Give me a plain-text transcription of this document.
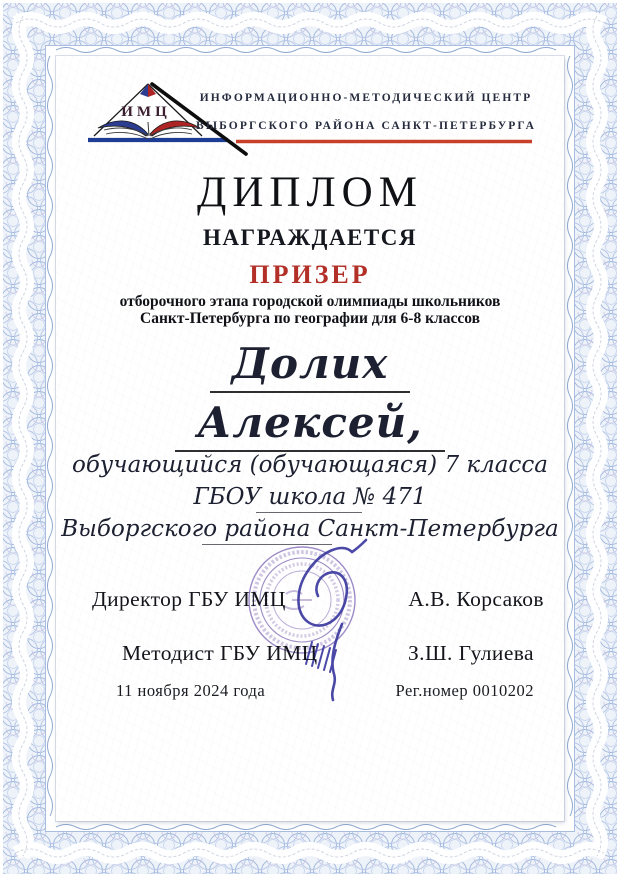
ИМЦ
ИНФОРМАЦИОННО-МЕТОДИЧЕСКИЙ ЦЕНТР
ВЫБОРГСКОГО РАЙОНА САНКТ-ПЕТЕРБУРГА
ДИПЛОМ
НАГРАЖДАЕТСЯ
ПРИЗЕР
отборочного этапа городской олимпиады школьников
Санкт-Петербурга по географии для 6-8 классов
Долих
Алексей,
обучающийся (обучающаяся) 7 класса
ГБОУ школа № 471
Выборгского района Санкт-Петербурга
Директор ГБУ ИМЦ	А.В. Корсаков
Методист ГБУ ИМЦ	З.Ш. Гулиева
11 ноября 2024 года	Рег.номер 0010202
